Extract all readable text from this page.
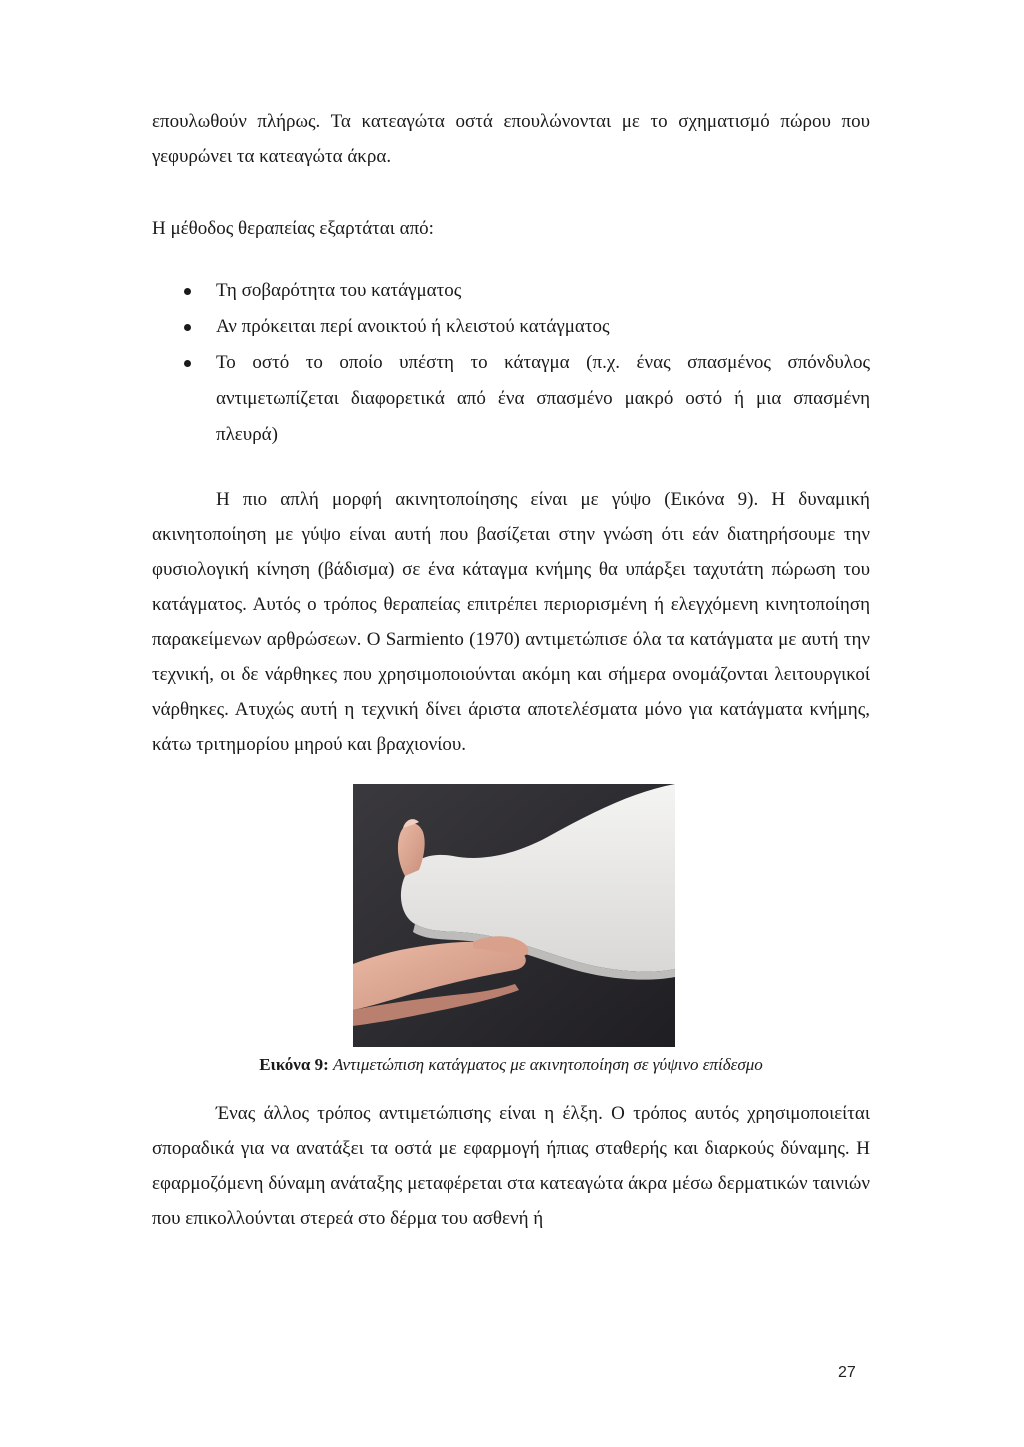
επουλωθούν πλήρως. Τα κατεαγώτα οστά επουλώνονται με το σχηματισμό πώρου που γεφυρώνει τα κατεαγώτα άκρα.

Η μέθοδος θεραπείας εξαρτάται από:

Τη σοβαρότητα του κατάγματος
Αν πρόκειται περί ανοικτού ή κλειστού κατάγματος
Το οστό το οποίο υπέστη το κάταγμα (π.χ. ένας σπασμένος σπόνδυλος αντιμετωπίζεται διαφορετικά από ένα σπασμένο μακρό οστό ή μια σπασμένη πλευρά)

Η πιο απλή μορφή ακινητοποίησης είναι με γύψο (Εικόνα 9). Η δυναμική ακινητοποίηση με γύψο είναι αυτή που βασίζεται στην γνώση ότι εάν διατηρήσουμε την φυσιολογική κίνηση (βάδισμα) σε ένα κάταγμα κνήμης θα υπάρξει ταχυτάτη πώρωση του κατάγματος. Αυτός ο τρόπος θεραπείας επιτρέπει περιορισμένη ή ελεγχόμενη κινητοποίηση παρακείμενων αρθρώσεων. Ο Sarmiento (1970) αντιμετώπισε όλα τα κατάγματα με αυτή την τεχνική, οι δε νάρθηκες που χρησιμοποιούνται ακόμη και σήμερα ονομάζονται λειτουργικοί νάρθηκες. Ατυχώς αυτή η τεχνική δίνει άριστα αποτελέσματα μόνο για κατάγματα κνήμης, κάτω τριτημορίου μηρού και βραχιονίου.

Εικόνα 9: Αντιμετώπιση κατάγματος με ακινητοποίηση σε γύψινο επίδεσμο

Ένας άλλος τρόπος αντιμετώπισης είναι η έλξη. Ο τρόπος αυτός χρησιμοποιείται σποραδικά για να ανατάξει τα οστά με εφαρμογή ήπιας σταθερής και διαρκούς δύναμης. Η εφαρμοζόμενη δύναμη ανάταξης μεταφέρεται στα κατεαγώτα άκρα μέσω δερματικών ταινιών που επικολλούνται στερεά στο δέρμα του ασθενή ή

27
